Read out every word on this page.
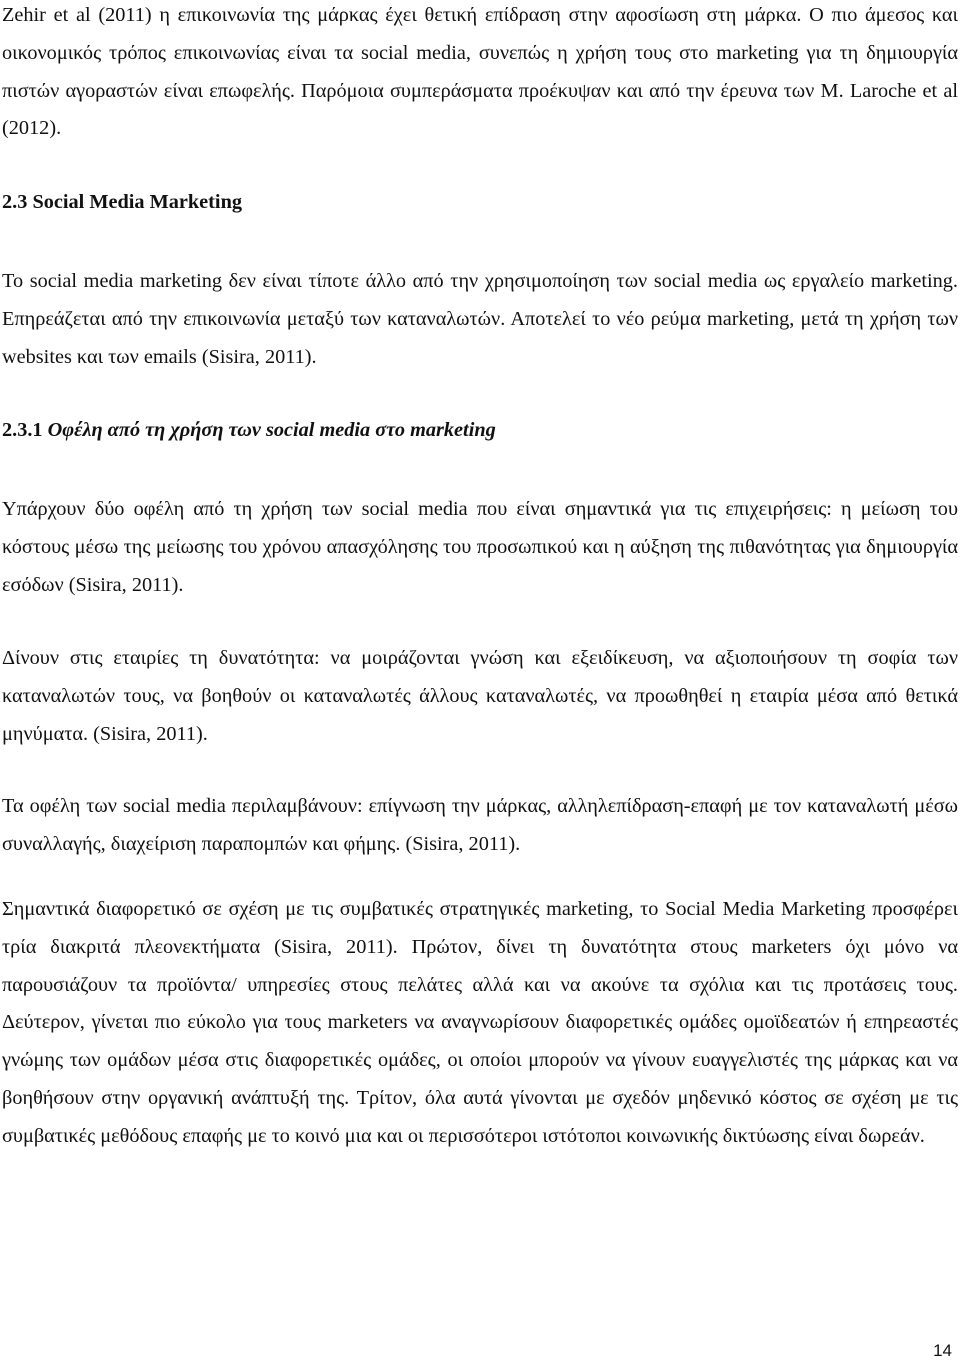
Zehir et al (2011) η επικοινωνία της μάρκας έχει θετική επίδραση στην αφοσίωση στη μάρκα. Ο πιο άμεσος και οικονομικός τρόπος επικοινωνίας είναι τα social media, συνεπώς η χρήση τους στο marketing για τη δημιουργία πιστών αγοραστών είναι επωφελής. Παρόμοια συμπεράσματα προέκυψαν και από την έρευνα των M. Laroche et al (2012).

2.3 Social Media Marketing

Το social media marketing δεν είναι τίποτε άλλο από την χρησιμοποίηση των social media ως εργαλείο marketing. Επηρεάζεται από την επικοινωνία μεταξύ των καταναλωτών. Αποτελεί το νέο ρεύμα marketing, μετά τη χρήση των websites και των emails (Sisira, 2011).

2.3.1 Οφέλη από τη χρήση των social media στο marketing

Υπάρχουν δύο οφέλη από τη χρήση των social media που είναι σημαντικά για τις επιχειρήσεις: η μείωση του κόστους μέσω της μείωσης του χρόνου απασχόλησης του προσωπικού και η αύξηση της πιθανότητας για δημιουργία εσόδων (Sisira, 2011).

Δίνουν στις εταιρίες τη δυνατότητα: να μοιράζονται γνώση και εξειδίκευση, να αξιοποιήσουν τη σοφία των καταναλωτών τους, να βοηθούν οι καταναλωτές άλλους καταναλωτές, να προωθηθεί η εταιρία μέσα από θετικά μηνύματα. (Sisira, 2011).

Τα οφέλη των social media περιλαμβάνουν: επίγνωση την μάρκας, αλληλεπίδραση-επαφή με τον καταναλωτή μέσω συναλλαγής, διαχείριση παραπομπών και φήμης. (Sisira, 2011).

Σημαντικά διαφορετικό σε σχέση με τις συμβατικές στρατηγικές marketing, το Social Media Marketing προσφέρει τρία διακριτά πλεονεκτήματα (Sisira, 2011). Πρώτον, δίνει τη δυνατότητα στους marketers όχι μόνο να παρουσιάζουν τα προϊόντα/ υπηρεσίες στους πελάτες αλλά και να ακούνε τα σχόλια και τις προτάσεις τους. Δεύτερον, γίνεται πιο εύκολο για τους marketers να αναγνωρίσουν διαφορετικές ομάδες ομοϊδεατών ή επηρεαστές γνώμης των ομάδων μέσα στις διαφορετικές ομάδες, οι οποίοι μπορούν να γίνουν ευαγγελιστές της μάρκας και να βοηθήσουν στην οργανική ανάπτυξή της. Τρίτον, όλα αυτά γίνονται με σχεδόν μηδενικό κόστος σε σχέση με τις συμβατικές μεθόδους επαφής με το κοινό μια και οι περισσότεροι ιστότοποι κοινωνικής δικτύωσης είναι δωρεάν.

14
